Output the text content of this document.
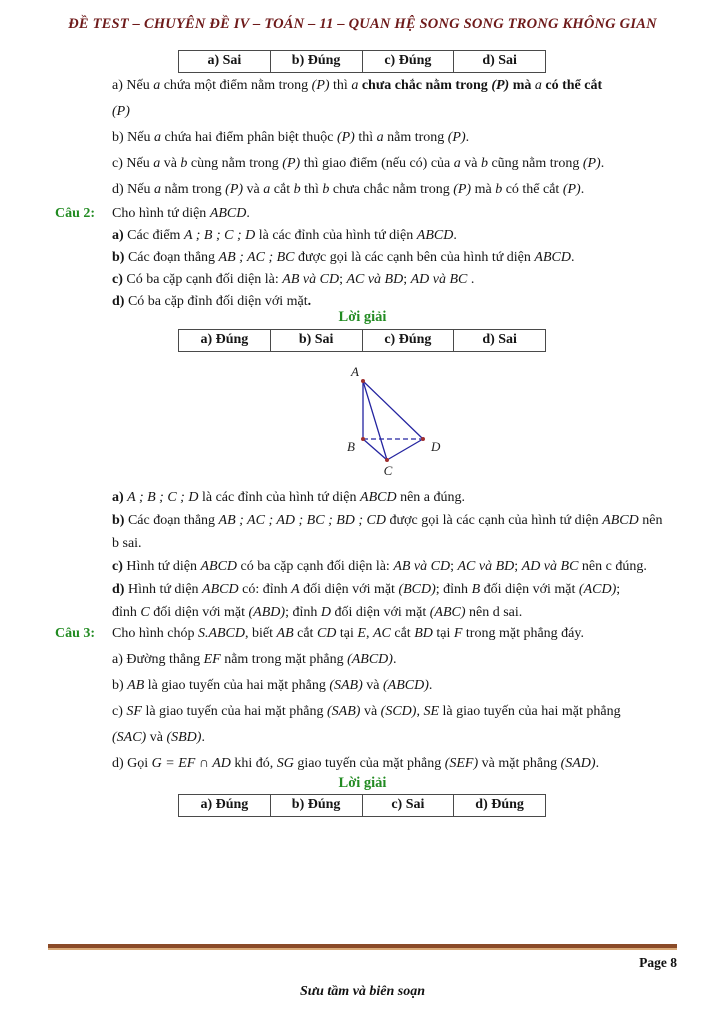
ĐỀ TEST – CHUYÊN ĐỀ IV – TOÁN – 11 – QUAN HỆ SONG SONG TRONG KHÔNG GIAN
a) Sai	b) Đúng	c) Đúng	d) Sai

a) Nếu a chứa một điểm nằm trong (P) thì a chưa chắc nằm trong (P) mà a có thể cắt

(P)

b) Nếu a chứa hai điểm phân biệt thuộc (P) thì a nằm trong (P).

c) Nếu a và b cùng nằm trong (P) thì giao điểm (nếu có) của a và b cũng nằm trong (P).

d) Nếu a nằm trong (P) và a cắt b thì b chưa chắc nằm trong (P) mà b có thể cắt (P).

Câu 2: Cho hình tứ diện ABCD.

a) Các điểm A ; B ; C ; D là các đỉnh của hình tứ diện ABCD.

b) Các đoạn thẳng AB ; AC ; BC được gọi là các cạnh bên của hình tứ diện ABCD.

c) Có ba cặp cạnh đối diện là: AB và CD; AC và BD; AD và BC .

d) Có ba cặp đỉnh đối diện với mặt.

Lời giải
a) Đúng	b) Sai	c) Đúng	d) Sai
A
B
C
D

a) A ; B ; C ; D là các đỉnh của hình tứ diện ABCD nên a đúng.

b) Các đoạn thẳng AB ; AC ; AD ; BC ; BD ; CD được gọi là các cạnh của hình tứ diện ABCD nên

b sai.

c) Hình tứ diện ABCD có ba cặp cạnh đối diện là: AB và CD; AC và BD; AD và BC nên c đúng.

d) Hình tứ diện ABCD có: đỉnh A đối diện với mặt (BCD); đỉnh B đối diện với mặt (ACD);

đỉnh C đối diện với mặt (ABD); đỉnh D đối diện với mặt (ABC) nên d sai.

Câu 3: Cho hình chóp S.ABCD, biết AB cắt CD tại E, AC cắt BD tại F trong mặt phẳng đáy.

a) Đường thẳng EF nằm trong mặt phẳng (ABCD).

b) AB là giao tuyến của hai mặt phẳng (SAB) và (ABCD).

c) SF là giao tuyến của hai mặt phẳng (SAB) và (SCD), SE là giao tuyến của hai mặt phẳng

(SAC) và (SBD).

d) Gọi G = EF ∩ AD khi đó, SG giao tuyến của mặt phẳng (SEF) và mặt phẳng (SAD).

Lời giải
a) Đúng	b) Đúng	c) Sai	d) Đúng
Page 8
Sưu tầm và biên soạn
